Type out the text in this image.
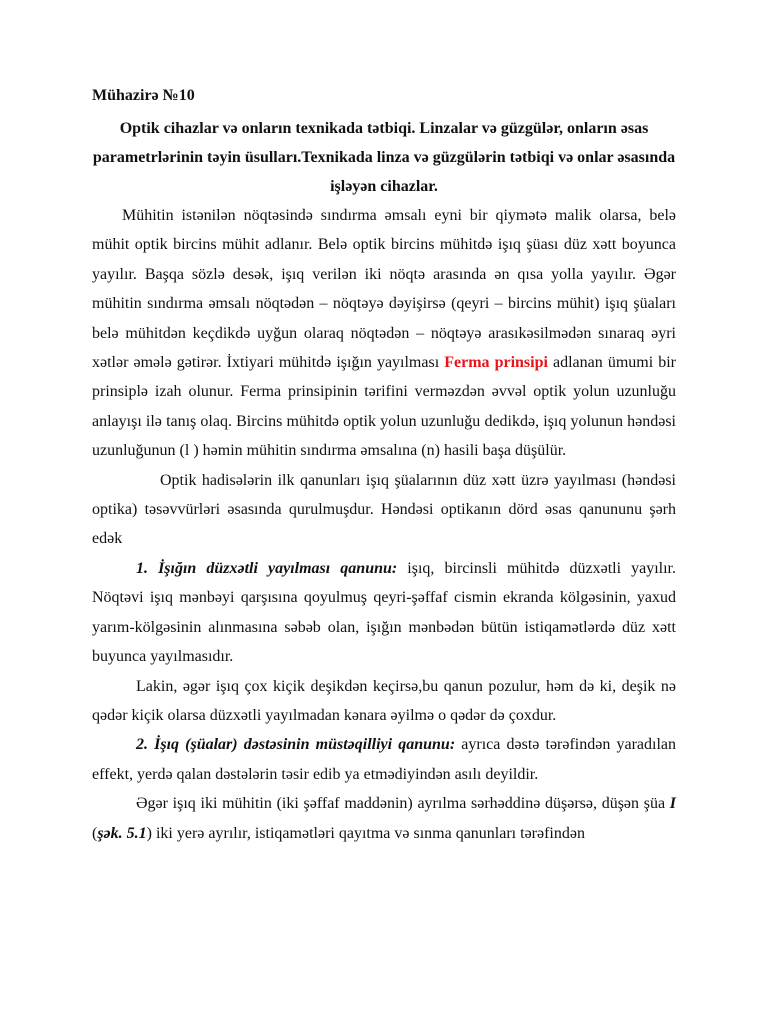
Mühazirə №10
Optik cihazlar və onların texnikada tətbiqi. Linzalar və güzgülər, onların əsas parametrlərinin təyin üsulları.Texnikada linza və güzgülərin tətbiqi və onlar əsasında işləyən cihazlar.

Mühitin istənilən nöqtəsində sındırma əmsalı eyni bir qiymətə malik olarsa, belə mühit optik bircins mühit adlanır. Belə optik bircins mühitdə işıq şüası düz xətt boyunca yayılır. Başqa sözlə desək, işıq verilən iki nöqtə arasında ən qısa yolla yayılır. Əgər mühitin sındırma əmsalı nöqtədən – nöqtəyə dəyişirsə (qeyri – bircins mühit) işıq şüaları belə mühitdən keçdikdə uyğun olaraq nöqtədən – nöqtəyə arasıkəsilmədən sınaraq əyri xətlər əmələ gətirər. İxtiyari mühitdə işığın yayılması Ferma prinsipi adlanan ümumi bir prinsiplə izah olunur. Ferma prinsipinin tərifini verməzdən əvvəl optik yolun uzunluğu anlayışı ilə tanış olaq. Bircins mühitdə optik yolun uzunluğu dedikdə, işıq yolunun həndəsi uzunluğunun (l ) həmin mühitin sındırma əmsalına (n) hasili başa düşülür.

Optik hadisələrin ilk qanunları işıq şüalarının düz xətt üzrə yayılması (həndəsi optika) təsəvvürləri əsasında qurulmuşdur. Həndəsi optikanın dörd əsas qanununu şərh edək

1. İşığın düzxətli yayılması qanunu: işıq, bircinsli mühitdə düzxətli yayılır. Nöqtəvi işıq mənbəyi qarşısına qoyulmuş qeyri-şəffaf cismin ekranda kölgəsinin, yaxud yarım-kölgəsinin alınmasına səbəb olan, işığın mənbədən bütün istiqamətlərdə düz xətt buyunca yayılmasıdır.

Lakin, əgər işıq çox kiçik deşikdən keçirsə,bu qanun pozulur, həm də ki, deşik nə qədər kiçik olarsa düzxətli yayılmadan kənara əyilmə o qədər də çoxdur.

2. İşıq (şüalar) dəstəsinin müstəqilliyi qanunu: ayrıca dəstə tərəfindən yaradılan effekt, yerdə qalan dəstələrin təsir edib ya etmədiyindən asılı deyildir.

Əgər işıq iki mühitin (iki şəffaf maddənin) ayrılma sərhəddinə düşərsə, düşən şüa I (şək. 5.1) iki yerə ayrılır, istiqamətləri qayıtma və sınma qanunları tərəfindən
